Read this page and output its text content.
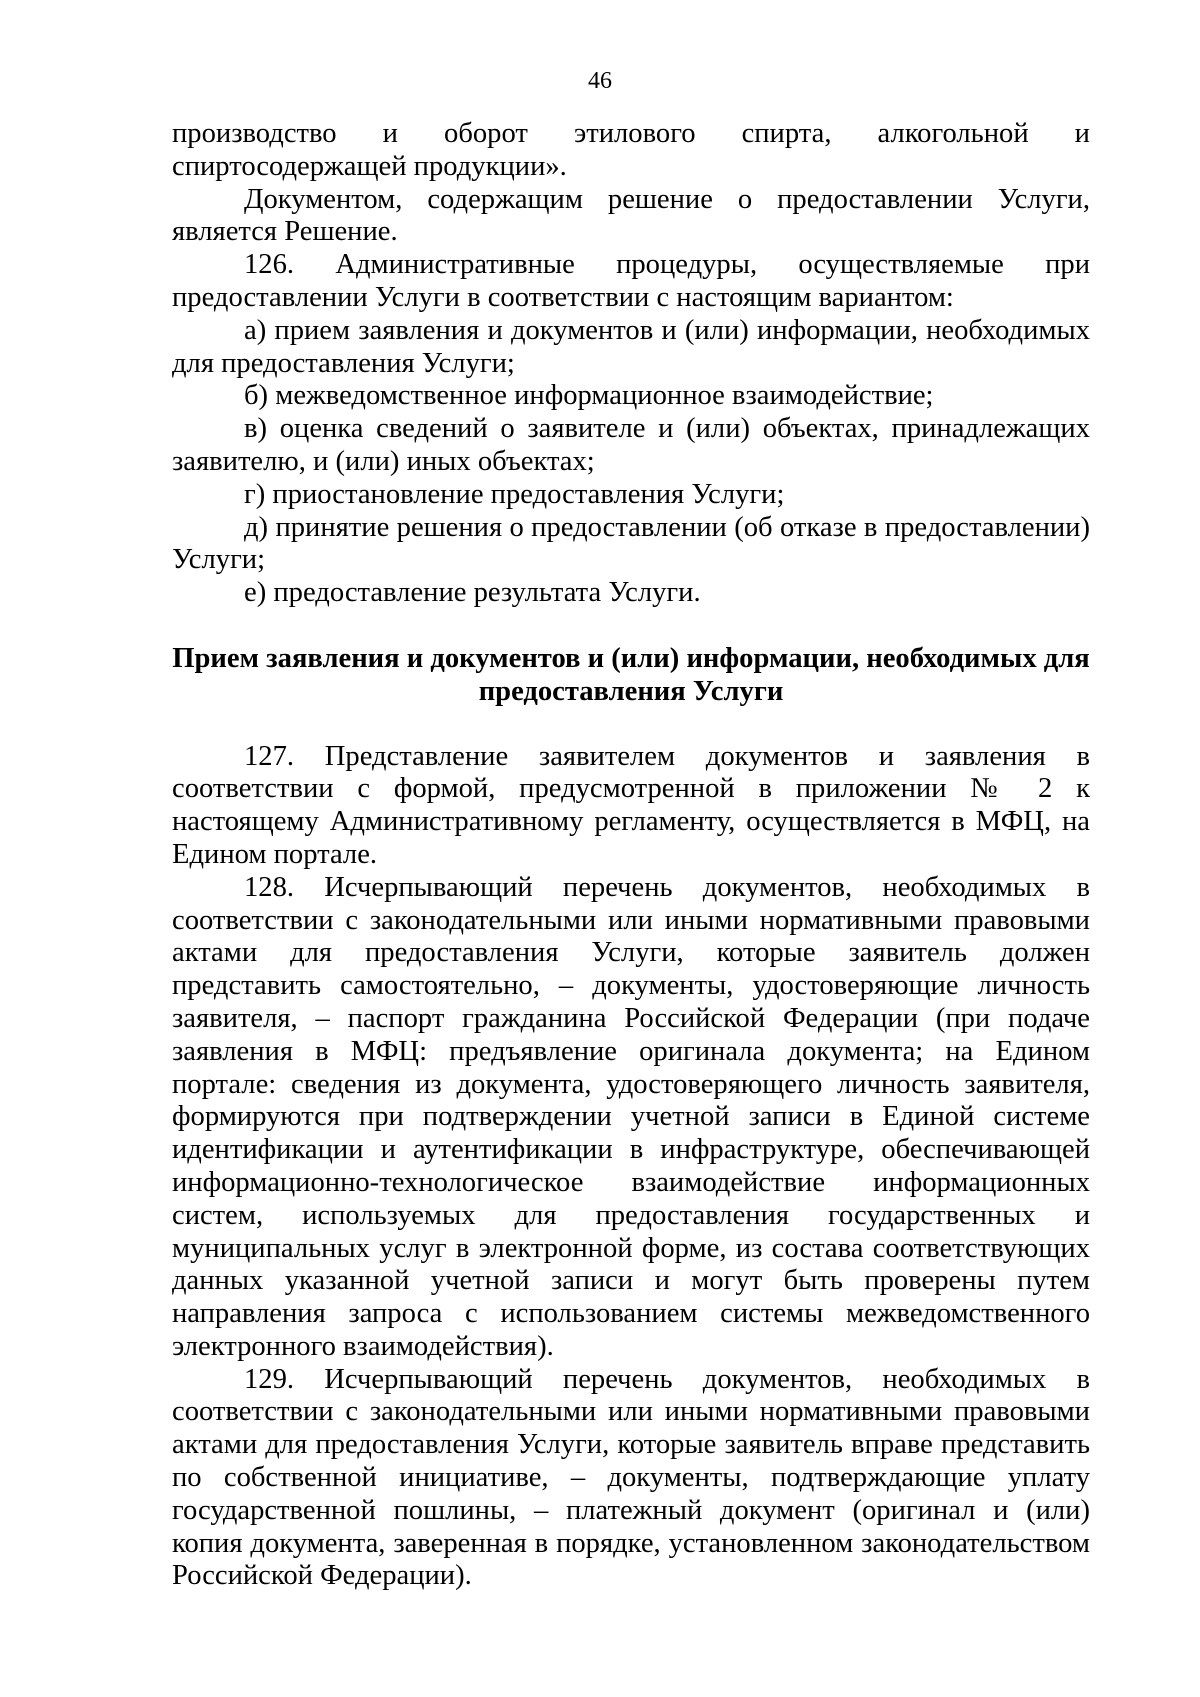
46

производство и оборот этилового спирта, алкогольной и спиртосодержащей продукции».

Документом, содержащим решение о предоставлении Услуги, является Решение.

126. Административные процедуры, осуществляемые при предоставлении Услуги в соответствии с настоящим вариантом:

а) прием заявления и документов и (или) информации, необходимых для предоставления Услуги;

б) межведомственное информационное взаимодействие;

в) оценка сведений о заявителе и (или) объектах, принадлежащих заявителю, и (или) иных объектах;

г) приостановление предоставления Услуги;

д) принятие решения о предоставлении (об отказе в предоставлении) Услуги;

е) предоставление результата Услуги.

Прием заявления и документов и (или) информации, необходимых для предоставления Услуги

127. Представление заявителем документов и заявления в соответствии с формой, предусмотренной в приложении № 2 к настоящему Административному регламенту, осуществляется в МФЦ, на Едином портале.

128. Исчерпывающий перечень документов, необходимых в соответствии с законодательными или иными нормативными правовыми актами для предоставления Услуги, которые заявитель должен представить самостоятельно, – документы, удостоверяющие личность заявителя, – паспорт гражданина Российской Федерации (при подаче заявления в МФЦ: предъявление оригинала документа; на Едином портале: сведения из документа, удостоверяющего личность заявителя, формируются при подтверждении учетной записи в Единой системе идентификации и аутентификации в инфраструктуре, обеспечивающей информационно-технологическое взаимодействие информационных систем, используемых для предоставления государственных и муниципальных услуг в электронной форме, из состава соответствующих данных указанной учетной записи и могут быть проверены путем направления запроса с использованием системы межведомственного электронного взаимодействия).

129. Исчерпывающий перечень документов, необходимых в соответствии с законодательными или иными нормативными правовыми актами для предоставления Услуги, которые заявитель вправе представить по собственной инициативе, – документы, подтверждающие уплату государственной пошлины, – платежный документ (оригинал и (или) копия документа, заверенная в порядке, установленном законодательством Российской Федерации).
